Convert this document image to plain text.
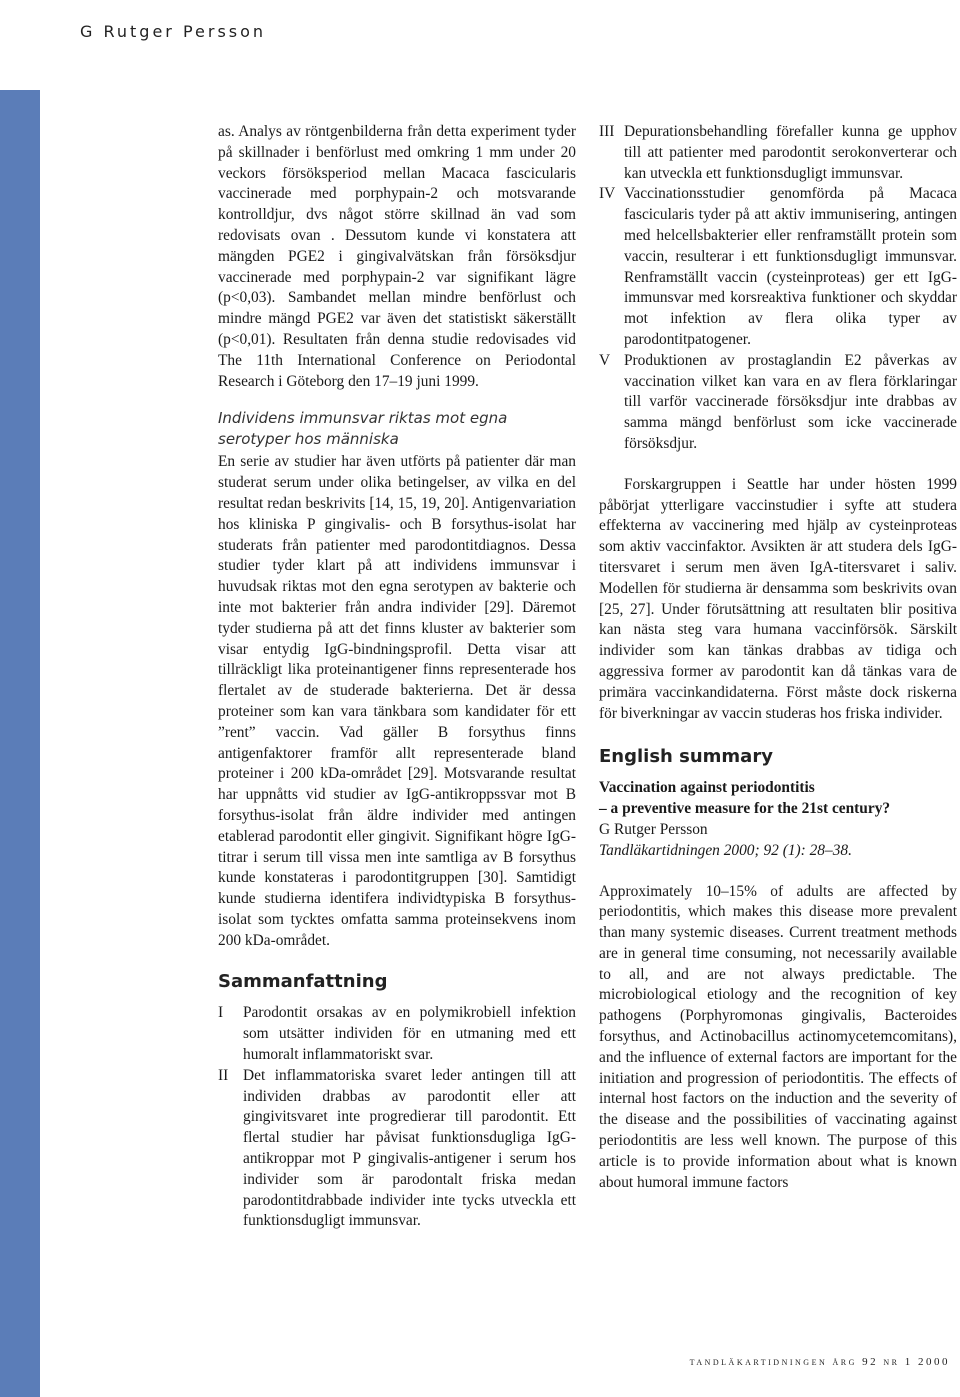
G Rutger Persson

as. Analys av röntgenbilderna från detta experiment tyder på skillnader i benförlust med omkring 1 mm under 20 veckors försöksperiod mellan Macaca fascicularis vaccinerade med porphypain-2 och motsvarande kontrolldjur, dvs något större skillnad än vad som redovisats ovan . Dessutom kunde vi konstatera att mängden PGE2 i gingivalvätskan från försöksdjur vaccinerade med porphypain-2 var signifikant lägre (p<0,03). Sambandet mellan mindre benförlust och mindre mängd PGE2 var även det statistiskt säkerställt (p<0,01). Resultaten från denna studie redovisades vid The 11th International Conference on Periodontal Research i Göteborg den 17–19 juni 1999.

Individens immunsvar riktas mot egna serotyper hos människa

En serie av studier har även utförts på patienter där man studerat serum under olika betingelser, av vilka en del resultat redan beskrivits [14, 15, 19, 20]. Antigenvariation hos kliniska P gingivalis- och B forsythus-isolat har studerats från patienter med parodontitdiagnos. Dessa studier tyder klart på att individens immunsvar i huvudsak riktas mot den egna serotypen av bakterie och inte mot bakterier från andra individer [29]. Däremot tyder studierna på att det finns kluster av bakterier som visar entydig IgG-bindningsprofil. Detta visar att tillräckligt lika proteinantigener finns representerade hos flertalet av de studerade bakterierna. Det är dessa proteiner som kan vara tänkbara som kandidater för ett ”rent” vaccin. Vad gäller B forsythus finns antigenfaktorer framför allt representerade bland proteiner i 200 kDa-området [29]. Motsvarande resultat har uppnåtts vid studier av IgG-antikroppssvar mot B forsythus-isolat från äldre individer med antingen etablerad parodontit eller gingivit. Signifikant högre IgG-titrar i serum till vissa men inte samtliga av B forsythus kunde konstateras i parodontitgruppen [30]. Samtidigt kunde studierna identifera individtypiska B forsythus-isolat som tycktes omfatta samma proteinsekvens inom 200 kDa-området.

Sammanfattning
I Parodontit orsakas av en polymikrobiell infektion som utsätter individen för en utmaning med ett humoralt inflammatoriskt svar.
II Det inflammatoriska svaret leder antingen till att individen drabbas av parodontit eller att gingivitsvaret inte progredierar till parodontit. Ett flertal studier har påvisat funktionsdugliga IgG-antikroppar mot P gingivalis-antigener i serum hos individer som är parodontalt friska medan parodontitdrabbade individer inte tycks utveckla ett funktionsdugligt immunsvar.
III Depurationsbehandling förefaller kunna ge upphov till att patienter med parodontit serokonverterar och kan utveckla ett funktionsdugligt immunsvar.
IV Vaccinationsstudier genomförda på Macaca fascicularis tyder på att aktiv immunisering, antingen med helcellsbakterier eller renframställt protein som vaccin, resulterar i ett funktionsdugligt immunsvar. Renframställt vaccin (cysteinproteas) ger ett IgG-immunsvar med korsreaktiva funktioner och skyddar mot infektion av flera olika typer av parodontitpatogener.
V Produktionen av prostaglandin E2 påverkas av vaccination vilket kan vara en av flera förklaringar till varför vaccinerade försöksdjur inte drabbas av samma mängd benförlust som icke vaccinerade försöksdjur.

Forskargruppen i Seattle har under hösten 1999 påbörjat ytterligare vaccinstudier i syfte att studera effekterna av vaccinering med hjälp av cysteinproteas som aktiv vaccinfaktor. Avsikten är att studera dels IgG-titersvaret i serum men även IgA-titersvaret i saliv. Modellen för studierna är densamma som beskrivits ovan [25, 27]. Under förutsättning att resultaten blir positiva kan nästa steg vara humana vaccinförsök. Särskilt individer som kan tänkas drabbas av tidiga och aggressiva former av parodontit kan då tänkas vara de primära vaccinkandidaterna. Först måste dock riskerna för biverkningar av vaccin studeras hos friska individer.

English summary
Vaccination against periodontitis
– a preventive measure for the 21st century?
G Rutger Persson
Tandläkartidningen 2000; 92 (1): 28–38.

Approximately 10–15% of adults are affected by periodontitis, which makes this disease more prevalent than many systemic diseases. Current treatment methods are in general time consuming, not necessarily available to all, and are not always predictable. The microbiological etiology and the recognition of key pathogens (Porphyromonas gingivalis, Bacteroides forsythus, and Actinobacillus actinomycetemcomitans), and the influence of external factors are important for the initiation and progression of periodontitis. The effects of internal host factors on the induction and the severity of the disease and the possibilities of vaccinating against periodontitis are less well known. The purpose of this article is to provide information about what is known about humoral immune factors

tandläkartidningen årg 92 nr 1 2000
